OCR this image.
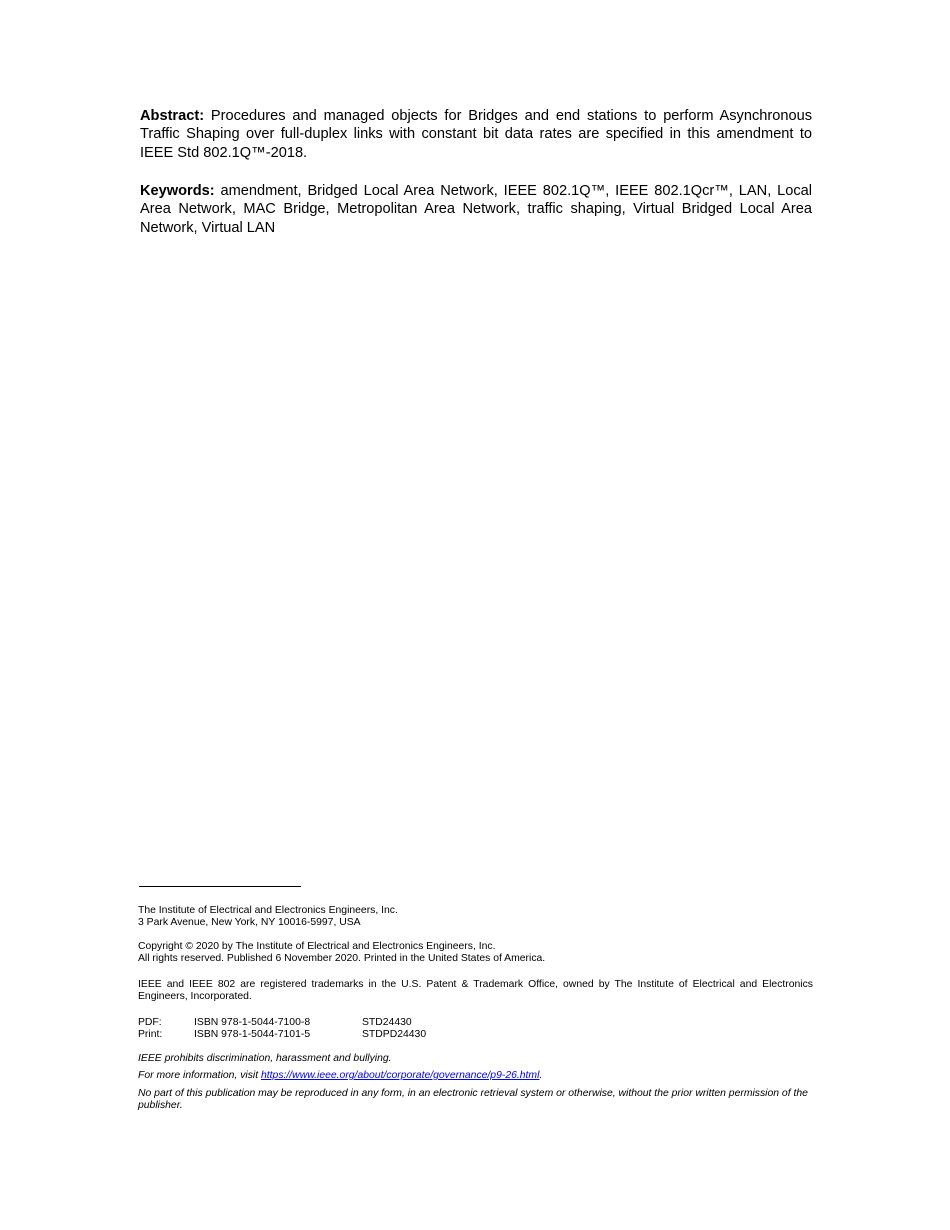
Abstract: Procedures and managed objects for Bridges and end stations to perform Asynchronous Traffic Shaping over full-duplex links with constant bit data rates are specified in this amendment to IEEE Std 802.1Q™-2018.

Keywords: amendment, Bridged Local Area Network, IEEE 802.1Q™, IEEE 802.1Qcr™, LAN, Local Area Network, MAC Bridge, Metropolitan Area Network, traffic shaping, Virtual Bridged Local Area Network, Virtual LAN

The Institute of Electrical and Electronics Engineers, Inc.
3 Park Avenue, New York, NY 10016-5997, USA
Copyright © 2020 by The Institute of Electrical and Electronics Engineers, Inc.
All rights reserved. Published 6 November 2020. Printed in the United States of America.

IEEE and IEEE 802 are registered trademarks in the U.S. Patent & Trademark Office, owned by The Institute of Electrical and Electronics Engineers, Incorporated.

PDF:	ISBN 978-1-5044-7100-8	STD24430
Print:	ISBN 978-1-5044-7101-5	STDPD24430

IEEE prohibits discrimination, harassment and bullying.

For more information, visit https://www.ieee.org/about/corporate/governance/p9-26.html.

No part of this publication may be reproduced in any form, in an electronic retrieval system or otherwise, without the prior written permission of the publisher.
